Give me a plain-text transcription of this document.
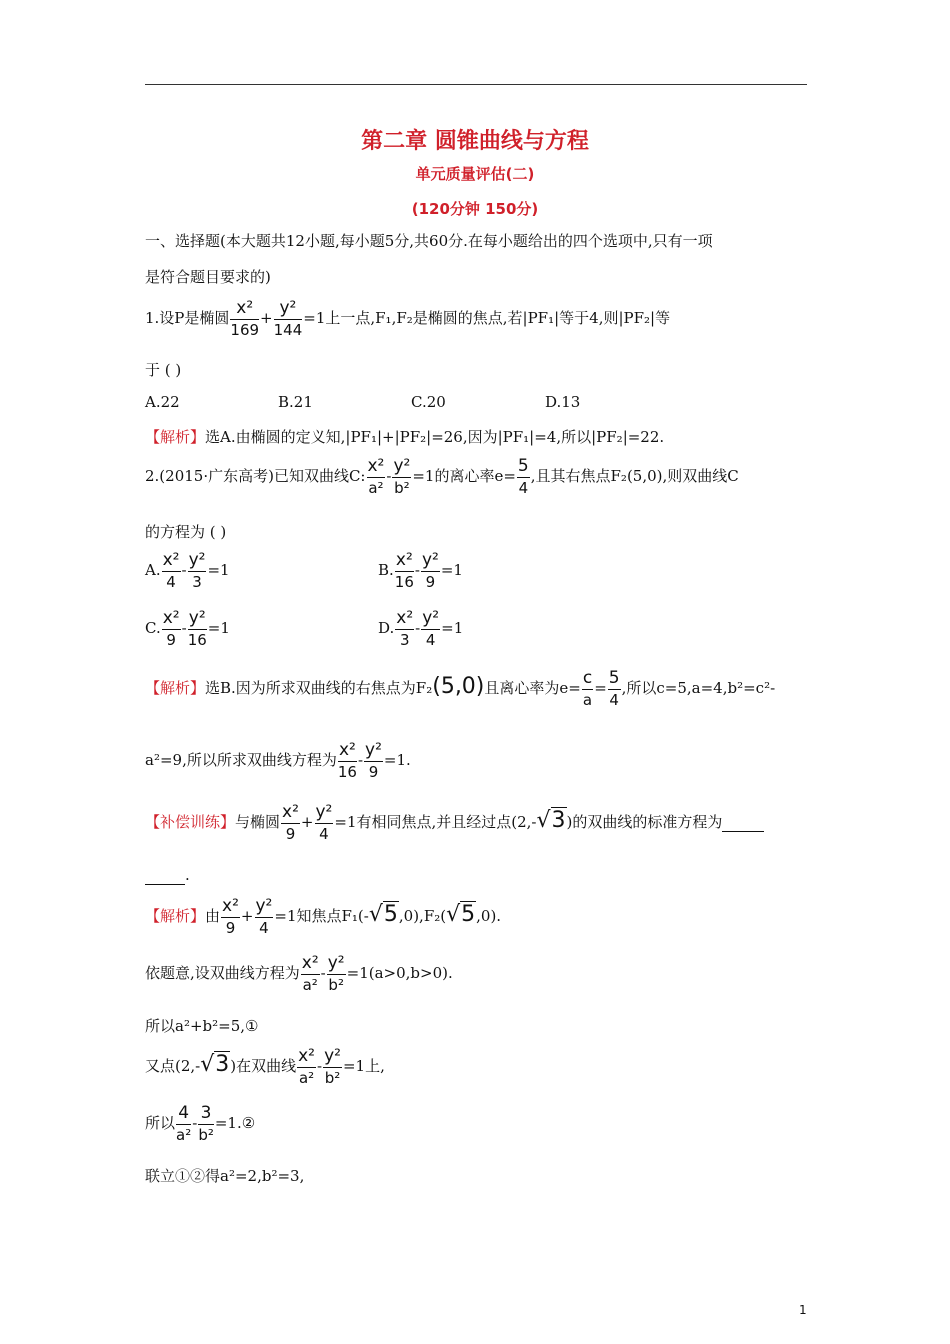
第二章 圆锥曲线与方程
单元质量评估(二)
(120分钟 150分)
一、选择题(本大题共12小题,每小题5分,共60分.在每小题给出的四个选项中,只有一项
是符合题目要求的)
1.设P是椭圆 $\frac{\text{x²}}{169} + \frac{\text{y²}}{144} =1$上一点,F₁,F₂是椭圆的焦点,若|PF₁|等于4,则|PF₂|等
于 ( )
A.22	B.21	C.20	D.13
【解析】选A.由椭圆的定义知,|PF₁|+|PF₂|=26,因为|PF₁|=4,所以|PF₂|=22.
2.(2015·广东高考)已知双曲线C: $\frac{\text{x²}}{\text{a²}} - \frac{\text{y²}}{\text{b²}} =1$的离心率$e= \frac{5}{4}$ ,且其右焦点F₂(5,0),则双曲线C
的方程为 ( )
A. $\frac{\text{x²}}{4} - \frac{\text{y²}}{3} =1$	B. $\frac{\text{x²}}{16} - \frac{\text{y²}}{9} =1$
C. $\frac{\text{x²}}{9} - \frac{\text{y²}}{16} =1$	D. $\frac{\text{x²}}{3} - \frac{\text{y²}}{4} =1$
【解析】选B.因为所求双曲线的右焦点为F₂(5,0)且离心率为$e= \frac{c}{a} = \frac{5}{4}$ ,所以c=5,a=4,b²=c²-
a²=9,所以所求双曲线方程为 $\frac{\text{x²}}{16} - \frac{\text{y²}}{9} =1$.
【补偿训练】与椭圆 $\frac{\text{x²}}{9} + \frac{\text{y²}}{4} =1$有相同焦点,并且经过点(2,-√3)的双曲线的标准方程为
.
【解析】由 $\frac{\text{x²}}{9} + \frac{\text{y²}}{4} =1$知焦点F₁(-√5,0),F₂(√5,0).
依题意,设双曲线方程为 $\frac{\text{x²}}{\text{a²}} - \frac{\text{y²}}{\text{b²}} =1(a>0,b>0)$.
所以a²+b²=5,①
又点(2,-√3)在双曲线 $\frac{\text{x²}}{\text{a²}} - \frac{\text{y²}}{\text{b²}} =1$上,
所以 $\frac{4}{\text{a²}} - \frac{3}{\text{b²}}$ =1.②
联立①②得a²=2,b²=3,
1
